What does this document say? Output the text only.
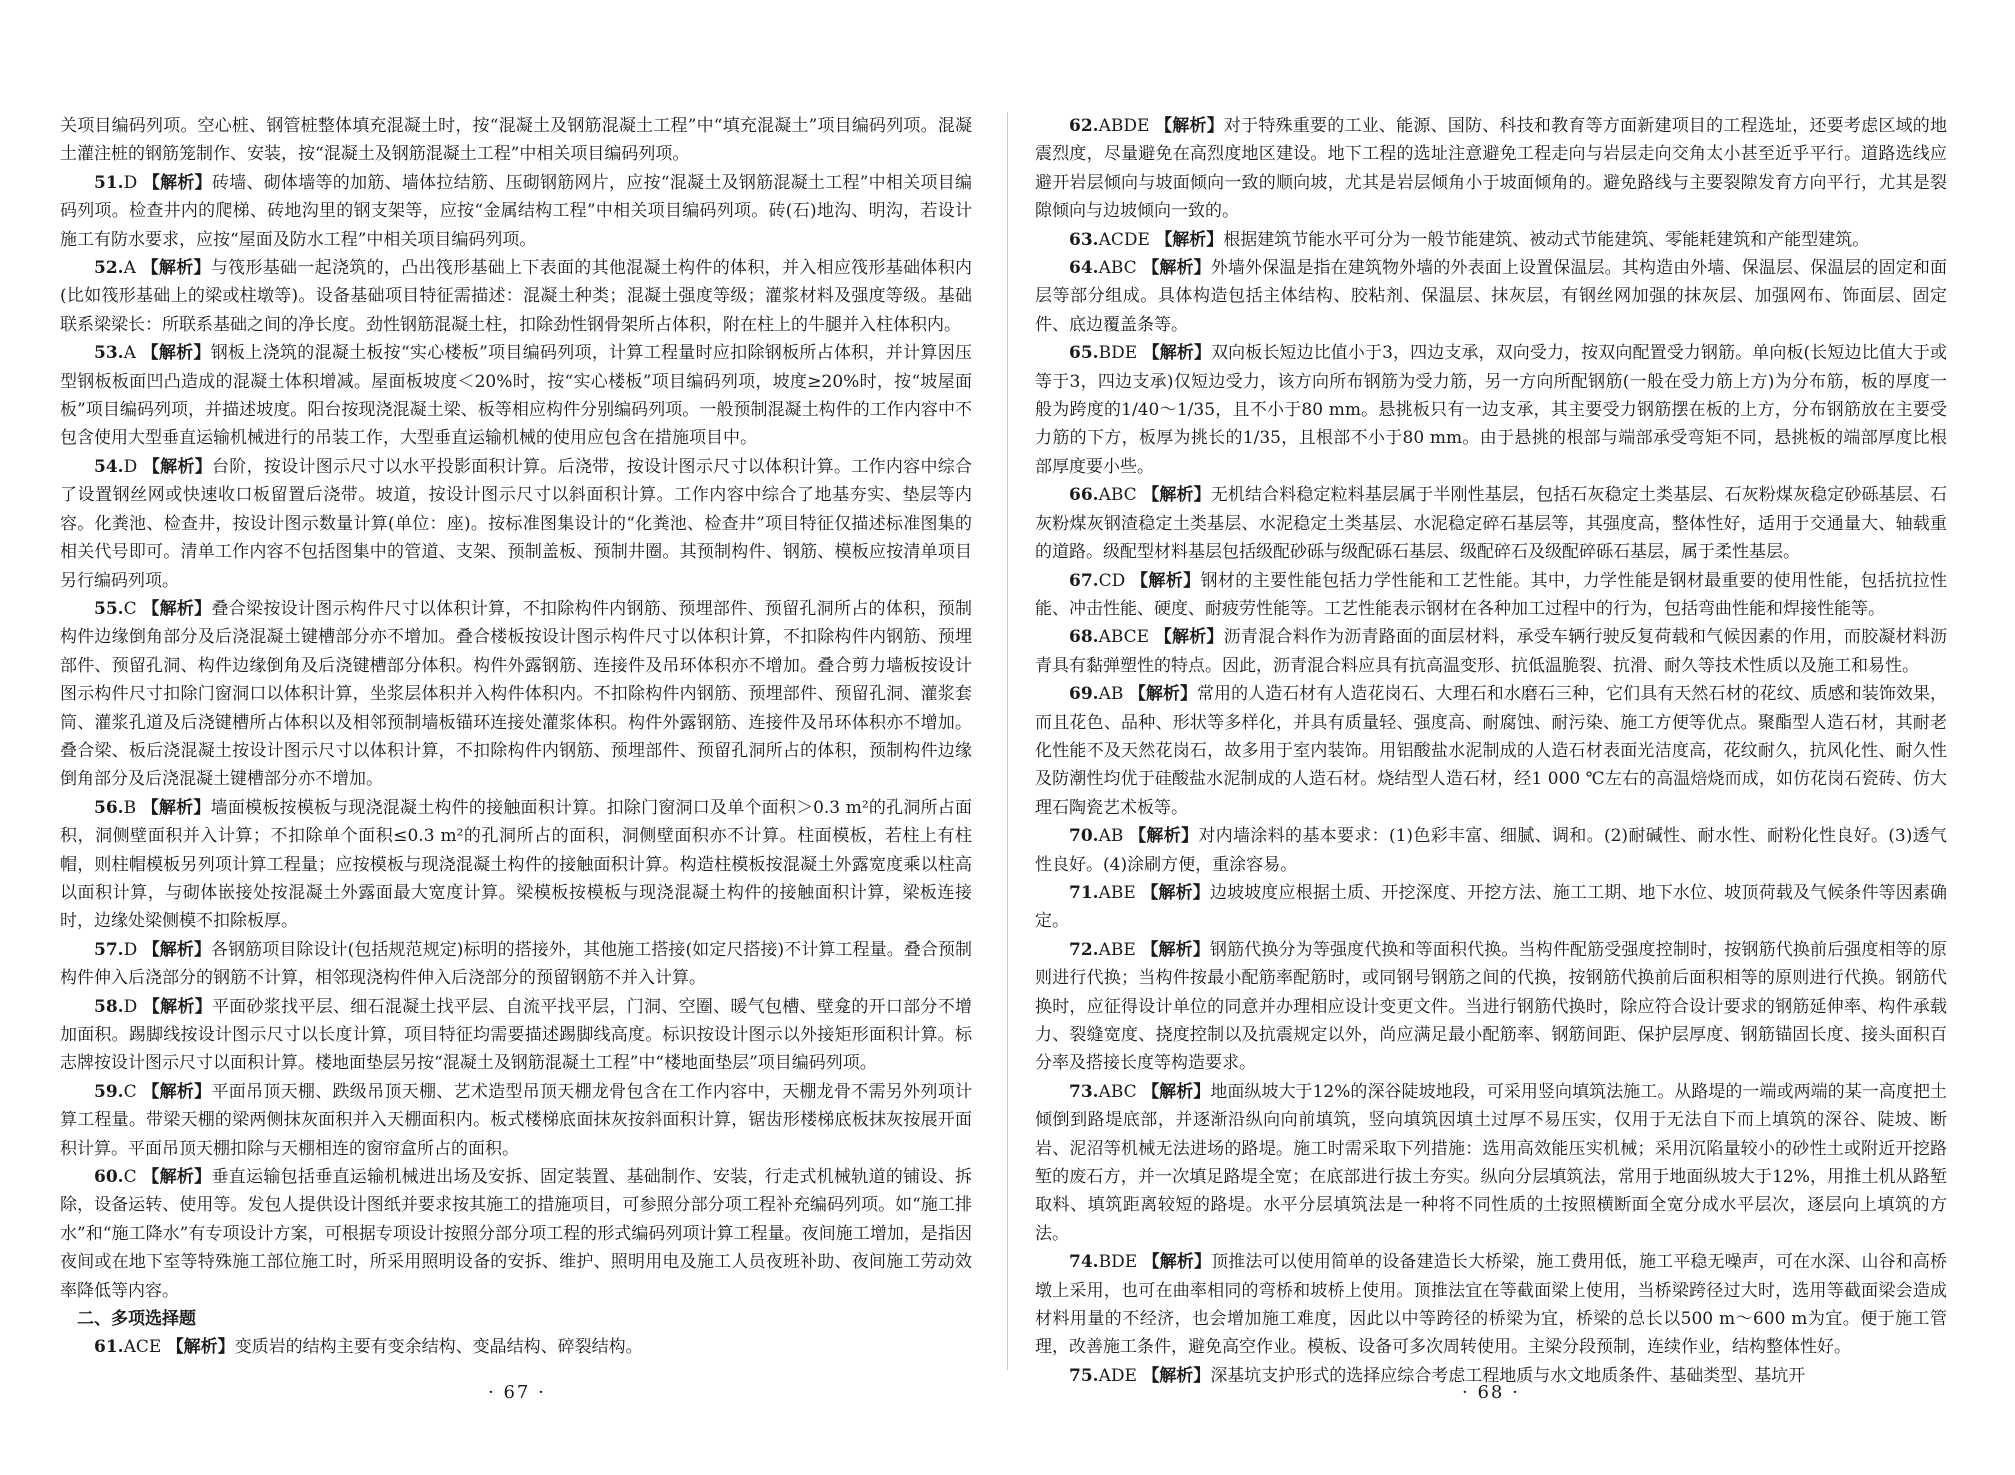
关项目编码列项。空心桩、钢管桩整体填充混凝土时，按“混凝土及钢筋混凝土工程”中“填充混凝土”项目编码列项。混凝土灌注桩的钢筋笼制作、安装，按“混凝土及钢筋混凝土工程”中相关项目编码列项。

51.D 【解析】砖墙、砌体墙等的加筋、墙体拉结筋、压砌钢筋网片，应按“混凝土及钢筋混凝土工程”中相关项目编码列项。检查井内的爬梯、砖地沟里的钢支架等，应按“金属结构工程”中相关项目编码列项。砖(石)地沟、明沟，若设计施工有防水要求，应按“屋面及防水工程”中相关项目编码列项。

52.A 【解析】与筏形基础一起浇筑的，凸出筏形基础上下表面的其他混凝土构件的体积，并入相应筏形基础体积内(比如筏形基础上的梁或柱墩等)。设备基础项目特征需描述：混凝土种类；混凝土强度等级；灌浆材料及强度等级。基础联系梁梁长：所联系基础之间的净长度。劲性钢筋混凝土柱，扣除劲性钢骨架所占体积，附在柱上的牛腿并入柱体积内。

53.A 【解析】钢板上浇筑的混凝土板按“实心楼板”项目编码列项，计算工程量时应扣除钢板所占体积，并计算因压型钢板板面凹凸造成的混凝土体积增减。屋面板坡度＜20%时，按“实心楼板”项目编码列项，坡度≥20%时，按“坡屋面板”项目编码列项，并描述坡度。阳台按现浇混凝土梁、板等相应构件分别编码列项。一般预制混凝土构件的工作内容中不包含使用大型垂直运输机械进行的吊装工作，大型垂直运输机械的使用应包含在措施项目中。

54.D 【解析】台阶，按设计图示尺寸以水平投影面积计算。后浇带，按设计图示尺寸以体积计算。工作内容中综合了设置钢丝网或快速收口板留置后浇带。坡道，按设计图示尺寸以斜面积计算。工作内容中综合了地基夯实、垫层等内容。化粪池、检查井，按设计图示数量计算(单位：座)。按标准图集设计的“化粪池、检查井”项目特征仅描述标准图集的相关代号即可。清单工作内容不包括图集中的管道、支架、预制盖板、预制井圈。其预制构件、钢筋、模板应按清单项目另行编码列项。

55.C 【解析】叠合梁按设计图示构件尺寸以体积计算，不扣除构件内钢筋、预埋部件、预留孔洞所占的体积，预制构件边缘倒角部分及后浇混凝土键槽部分亦不增加。叠合楼板按设计图示构件尺寸以体积计算，不扣除构件内钢筋、预埋部件、预留孔洞、构件边缘倒角及后浇键槽部分体积。构件外露钢筋、连接件及吊环体积亦不增加。叠合剪力墙板按设计图示构件尺寸扣除门窗洞口以体积计算，坐浆层体积并入构件体积内。不扣除构件内钢筋、预埋部件、预留孔洞、灌浆套筒、灌浆孔道及后浇键槽所占体积以及相邻预制墙板锚环连接处灌浆体积。构件外露钢筋、连接件及吊环体积亦不增加。叠合梁、板后浇混凝土按设计图示尺寸以体积计算，不扣除构件内钢筋、预埋部件、预留孔洞所占的体积，预制构件边缘倒角部分及后浇混凝土键槽部分亦不增加。

56.B 【解析】墙面模板按模板与现浇混凝土构件的接触面积计算。扣除门窗洞口及单个面积＞0.3 m²的孔洞所占面积，洞侧壁面积并入计算；不扣除单个面积≤0.3 m²的孔洞所占的面积，洞侧壁面积亦不计算。柱面模板，若柱上有柱帽，则柱帽模板另列项计算工程量；应按模板与现浇混凝土构件的接触面积计算。构造柱模板按混凝土外露宽度乘以柱高以面积计算，与砌体嵌接处按混凝土外露面最大宽度计算。梁模板按模板与现浇混凝土构件的接触面积计算，梁板连接时，边缘处梁侧模不扣除板厚。

57.D 【解析】各钢筋项目除设计(包括规范规定)标明的搭接外，其他施工搭接(如定尺搭接)不计算工程量。叠合预制构件伸入后浇部分的钢筋不计算，相邻现浇构件伸入后浇部分的预留钢筋不并入计算。

58.D 【解析】平面砂浆找平层、细石混凝土找平层、自流平找平层，门洞、空圈、暖气包槽、壁龛的开口部分不增加面积。踢脚线按设计图示尺寸以长度计算，项目特征均需要描述踢脚线高度。标识按设计图示以外接矩形面积计算。标志牌按设计图示尺寸以面积计算。楼地面垫层另按“混凝土及钢筋混凝土工程”中“楼地面垫层”项目编码列项。

59.C 【解析】平面吊顶天棚、跌级吊顶天棚、艺术造型吊顶天棚龙骨包含在工作内容中，天棚龙骨不需另外列项计算工程量。带梁天棚的梁两侧抹灰面积并入天棚面积内。板式楼梯底面抹灰按斜面积计算，锯齿形楼梯底板抹灰按展开面积计算。平面吊顶天棚扣除与天棚相连的窗帘盒所占的面积。

60.C 【解析】垂直运输包括垂直运输机械进出场及安拆、固定装置、基础制作、安装，行走式机械轨道的铺设、拆除，设备运转、使用等。发包人提供设计图纸并要求按其施工的措施项目，可参照分部分项工程补充编码列项。如“施工排水”和“施工降水”有专项设计方案，可根据专项设计按照分部分项工程的形式编码列项计算工程量。夜间施工增加，是指因夜间或在地下室等特殊施工部位施工时，所采用照明设备的安拆、维护、照明用电及施工人员夜班补助、夜间施工劳动效率降低等内容。

二、多项选择题

61.ACE 【解析】变质岩的结构主要有变余结构、变晶结构、碎裂结构。

62.ABDE 【解析】对于特殊重要的工业、能源、国防、科技和教育等方面新建项目的工程选址，还要考虑区域的地震烈度，尽量避免在高烈度地区建设。地下工程的选址注意避免工程走向与岩层走向交角太小甚至近乎平行。道路选线应避开岩层倾向与坡面倾向一致的顺向坡，尤其是岩层倾角小于坡面倾角的。避免路线与主要裂隙发育方向平行，尤其是裂隙倾向与边坡倾向一致的。

63.ACDE 【解析】根据建筑节能水平可分为一般节能建筑、被动式节能建筑、零能耗建筑和产能型建筑。

64.ABC 【解析】外墙外保温是指在建筑物外墙的外表面上设置保温层。其构造由外墙、保温层、保温层的固定和面层等部分组成。具体构造包括主体结构、胶粘剂、保温层、抹灰层，有钢丝网加强的抹灰层、加强网布、饰面层、固定件、底边覆盖条等。

65.BDE 【解析】双向板长短边比值小于3，四边支承，双向受力，按双向配置受力钢筋。单向板(长短边比值大于或等于3，四边支承)仅短边受力，该方向所布钢筋为受力筋，另一方向所配钢筋(一般在受力筋上方)为分布筋，板的厚度一般为跨度的1/40～1/35，且不小于80 mm。悬挑板只有一边支承，其主要受力钢筋摆在板的上方，分布钢筋放在主要受力筋的下方，板厚为挑长的1/35，且根部不小于80 mm。由于悬挑的根部与端部承受弯矩不同，悬挑板的端部厚度比根部厚度要小些。

66.ABC 【解析】无机结合料稳定粒料基层属于半刚性基层，包括石灰稳定土类基层、石灰粉煤灰稳定砂砾基层、石灰粉煤灰钢渣稳定土类基层、水泥稳定土类基层、水泥稳定碎石基层等，其强度高，整体性好，适用于交通量大、轴载重的道路。级配型材料基层包括级配砂砾与级配砾石基层、级配碎石及级配碎砾石基层，属于柔性基层。

67.CD 【解析】钢材的主要性能包括力学性能和工艺性能。其中，力学性能是钢材最重要的使用性能，包括抗拉性能、冲击性能、硬度、耐疲劳性能等。工艺性能表示钢材在各种加工过程中的行为，包括弯曲性能和焊接性能等。

68.ABCE 【解析】沥青混合料作为沥青路面的面层材料，承受车辆行驶反复荷载和气候因素的作用，而胶凝材料沥青具有黏弹塑性的特点。因此，沥青混合料应具有抗高温变形、抗低温脆裂、抗滑、耐久等技术性质以及施工和易性。

69.AB 【解析】常用的人造石材有人造花岗石、大理石和水磨石三种，它们具有天然石材的花纹、质感和装饰效果，而且花色、品种、形状等多样化，并具有质量轻、强度高、耐腐蚀、耐污染、施工方便等优点。聚酯型人造石材，其耐老化性能不及天然花岗石，故多用于室内装饰。用铝酸盐水泥制成的人造石材表面光洁度高，花纹耐久，抗风化性、耐久性及防潮性均优于硅酸盐水泥制成的人造石材。烧结型人造石材，经1 000 ℃左右的高温焙烧而成，如仿花岗石瓷砖、仿大理石陶瓷艺术板等。

70.AB 【解析】对内墙涂料的基本要求：(1)色彩丰富、细腻、调和。(2)耐碱性、耐水性、耐粉化性良好。(3)透气性良好。(4)涂刷方便，重涂容易。

71.ABE 【解析】边坡坡度应根据土质、开挖深度、开挖方法、施工工期、地下水位、坡顶荷载及气候条件等因素确定。

72.ABE 【解析】钢筋代换分为等强度代换和等面积代换。当构件配筋受强度控制时，按钢筋代换前后强度相等的原则进行代换；当构件按最小配筋率配筋时，或同钢号钢筋之间的代换，按钢筋代换前后面积相等的原则进行代换。钢筋代换时，应征得设计单位的同意并办理相应设计变更文件。当进行钢筋代换时，除应符合设计要求的钢筋延伸率、构件承载力、裂缝宽度、挠度控制以及抗震规定以外，尚应满足最小配筋率、钢筋间距、保护层厚度、钢筋锚固长度、接头面积百分率及搭接长度等构造要求。

73.ABC 【解析】地面纵坡大于12%的深谷陡坡地段，可采用竖向填筑法施工。从路堤的一端或两端的某一高度把土倾倒到路堤底部，并逐渐沿纵向向前填筑，竖向填筑因填土过厚不易压实，仅用于无法自下而上填筑的深谷、陡坡、断岩、泥沼等机械无法进场的路堤。施工时需采取下列措施：选用高效能压实机械；采用沉陷量较小的砂性土或附近开挖路堑的废石方，并一次填足路堤全宽；在底部进行拔土夯实。纵向分层填筑法，常用于地面纵坡大于12%，用推土机从路堑取料、填筑距离较短的路堤。水平分层填筑法是一种将不同性质的土按照横断面全宽分成水平层次，逐层向上填筑的方法。

74.BDE 【解析】顶推法可以使用简单的设备建造长大桥梁，施工费用低，施工平稳无噪声，可在水深、山谷和高桥墩上采用，也可在曲率相同的弯桥和坡桥上使用。顶推法宜在等截面梁上使用，当桥梁跨径过大时，选用等截面梁会造成材料用量的不经济，也会增加施工难度，因此以中等跨径的桥梁为宜，桥梁的总长以500 m～600 m为宜。便于施工管理，改善施工条件，避免高空作业。模板、设备可多次周转使用。主梁分段预制，连续作业，结构整体性好。

75.ADE 【解析】深基坑支护形式的选择应综合考虑工程地质与水文地质条件、基础类型、基坑开

· 67 ·	· 68 ·
